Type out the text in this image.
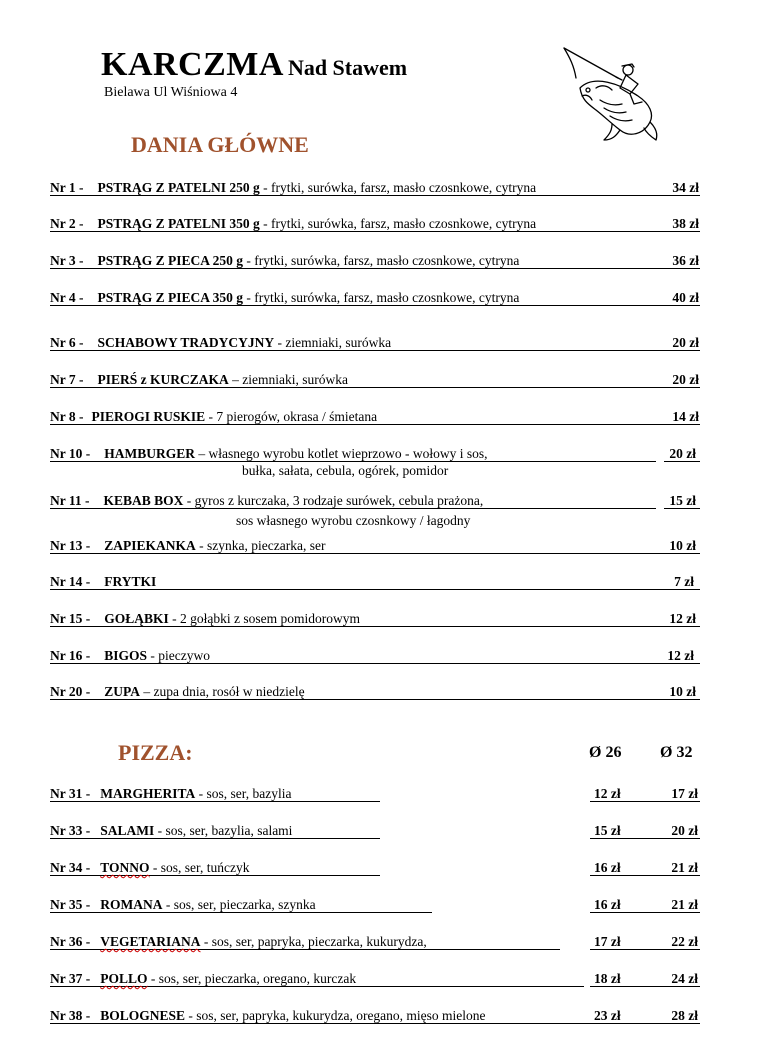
KARCZMA Nad Stawem
Bielawa Ul Wiśniowa 4
DANIA GŁÓWNE
PIZZA:	Ø 26 Ø 32
Nr 1 - PSTRĄG Z PATELNI 250 g - frytki, surówka, farsz, masło czosnkowe, cytryna	34 zł
Nr 2 - PSTRĄG Z PATELNI 350 g - frytki, surówka, farsz, masło czosnkowe, cytryna	38 zł
Nr 3 - PSTRĄG Z PIECA 250 g - frytki, surówka, farsz, masło czosnkowe, cytryna	36 zł
Nr 4 - PSTRĄG Z PIECA 350 g - frytki, surówka, farsz, masło czosnkowe, cytryna	40 zł
Nr 6 - SCHABOWY TRADYCYJNY - ziemniaki, surówka	20 zł
Nr 7 - PIERŚ z KURCZAKA – ziemniaki, surówka	20 zł
Nr 8 - PIEROGI RUSKIE - 7 pierogów, okrasa / śmietana	14 zł
Nr 10 - HAMBURGER – własnego wyrobu kotlet wieprzowo - wołowy i sos,
bułka, sałata, cebula, ogórek, pomidor
20 zł
Nr 11 - KEBAB BOX - gyros z kurczaka, 3 rodzaje surówek, cebula prażona,
sos własnego wyrobu czosnkowy / łagodny
15 zł
Nr 13 - ZAPIEKANKA - szynka, pieczarka, ser	10 zł
Nr 14 - FRYTKI	7 zł
Nr 15 - GOŁĄBKI - 2 gołąbki z sosem pomidorowym	12 zł
Nr 16 - BIGOS - pieczywo	12 zł
Nr 20 - ZUPA – zupa dnia, rosół w niedzielę	10 zł
Nr 31 - MARGHERITA - sos, ser, bazylia	12 zł	17 zł
Nr 33 - SALAMI - sos, ser, bazylia, salami	15 zł	20 zł
Nr 34 - TONNO - sos, ser, tuńczyk	16 zł	21 zł
Nr 35 - ROMANA - sos, ser, pieczarka, szynka	16 zł	21 zł
Nr 36 - VEGETARIANA - sos, ser, papryka, pieczarka, kukurydza,	17 zł	22 zł
Nr 37 - POLLO - sos, ser, pieczarka, oregano, kurczak	18 zł	24 zł
Nr 38 - BOLOGNESE - sos, ser, papryka, kukurydza, oregano, mięso mielone	23 zł	28 zł
